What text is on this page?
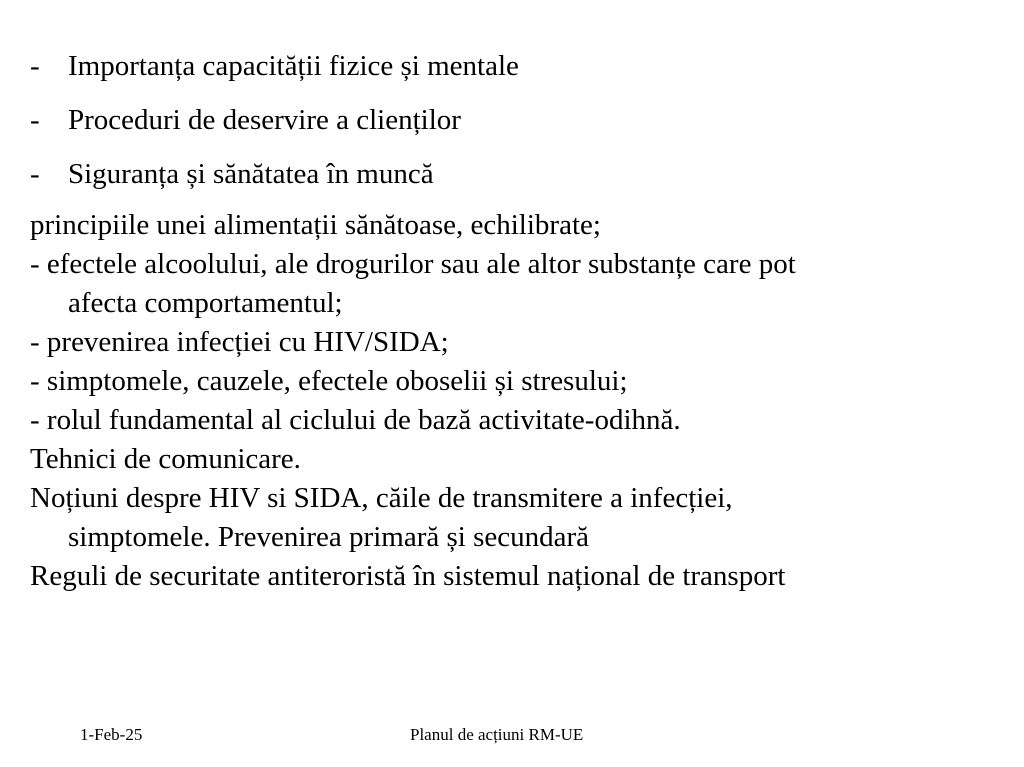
- Importanța capacității fizice și mentale
- Proceduri de deservire a clienților
- Siguranța și sănătatea în muncă
principiile unei alimentații sănătoase, echilibrate;
- efectele alcoolului, ale drogurilor sau ale altor substanțe care pot
afecta comportamentul;
- prevenirea infecției cu HIV/SIDA;
- simptomele, cauzele, efectele oboselii și stresului;
- rolul fundamental al ciclului de bază activitate-odihnă.
Tehnici de comunicare.
Noțiuni despre HIV si SIDA, căile de transmitere a infecției,
simptomele. Prevenirea primară și secundară
Reguli de securitate antiteroristă în sistemul național de transport
1-Feb-25	Planul de acțiuni RM-UE
